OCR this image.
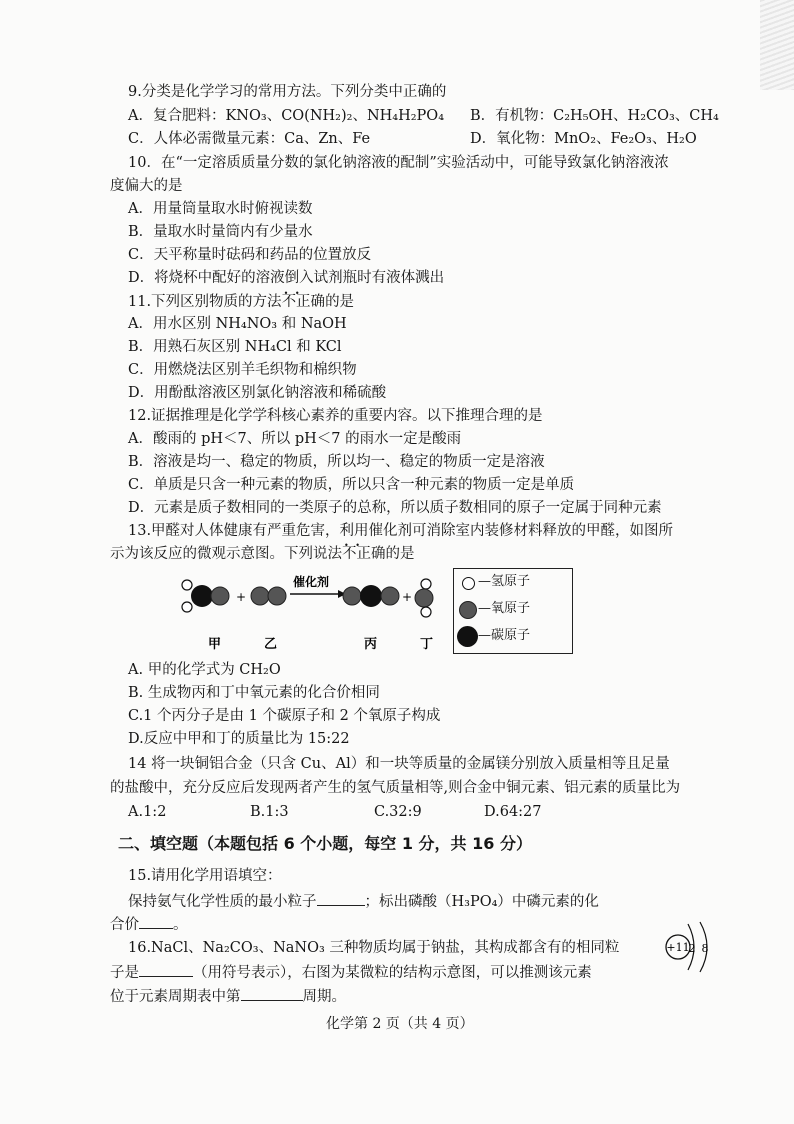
9.分类是化学学习的常用方法。下列分类中正确的
A．复合肥料：KNO₃、CO(NH₂)₂、NH₄H₂PO₄ B．有机物：C₂H₅OH、H₂CO₃、CH₄
C．人体必需微量元素：Ca、Zn、Fe	D．氧化物：MnO₂、Fe₂O₃、H₂O
10．在“一定溶质质量分数的氯化钠溶液的配制”实验活动中，可能导致氯化钠溶液浓
度偏大的是
A．用量筒量取水时俯视读数
B．量取水时量筒内有少量水
C．天平称量时砝码和药品的位置放反
D．将烧杯中配好的溶液倒入试剂瓶时有液体溅出
11.下列区别物质的方法不正确 • •的是
A．用水区别 NH₄NO₃ 和 NaOH
B．用熟石灰区别 NH₄Cl 和 KCl
C．用燃烧法区别羊毛织物和棉织物
D．用酚酞溶液区别氯化钠溶液和稀硫酸
12.证据推理是化学学科核心素养的重要内容。以下推理合理的是
A．酸雨的 pH＜7、所以 pH＜7 的雨水一定是酸雨
B．溶液是均一、稳定的物质，所以均一、稳定的物质一定是溶液
C．单质是只含一种元素的物质，所以只含一种元素的物质一定是单质
D．元素是质子数相同的一类原子的总称，所以质子数相同的原子一定属于同种元素
13.甲醛对人体健康有严重危害，利用催化剂可消除室内装修材料释放的甲醛，如图所
示为该反应的微观示意图。下列说法不正确 • •的是
+
催化剂
+
甲	乙	丙	丁
—氢原子
—氧原子
—碳原子
A. 甲的化学式为 CH₂O
B. 生成物丙和丁中氧元素的化合价相同
C.1 个丙分子是由 1 个碳原子和 2 个氧原子构成
D.反应中甲和丁的质量比为 15:22
14 将一块铜铝合金（只含 Cu、Al）和一块等质量的金属镁分别放入质量相等且足量
的盐酸中，充分反应后发现两者产生的氢气质量相等,则合金中铜元素、铝元素的质量比为
A.1:2	B.1:3	C.32:9	D.64:27
二、填空题（本题包括 6 个小题，每空 1 分，共 16 分）
15.请用化学用语填空：
保持氨气化学性质的最小粒子	；标出磷酸（H₃PO₄）中磷元素的化
合价 。
16.NaCl、Na₂CO₃、NaNO₃ 三种物质均属于钠盐，其构成都含有的相同粒
子是	（用符号表示），右图为某微粒的结构示意图，可以推测该元素
位于元素周期表中第	周期。
+11
2 8
化学第 2 页（共 4 页）
